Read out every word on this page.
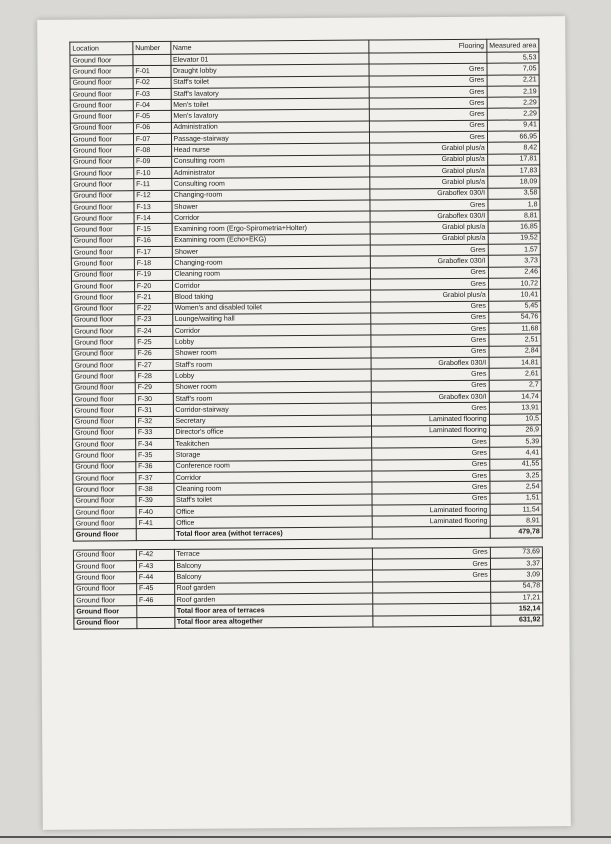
Location	Number	Name	Flooring	Measured area
Ground floor		Elevator 01		5,53
Ground floor	F-01	Draught lobby	Gres	7,05
Ground floor	F-02	Staff's toilet	Gres	2,21
Ground floor	F-03	Staff's lavatory	Gres	2,19
Ground floor	F-04	Men's toilet	Gres	2,29
Ground floor	F-05	Men's lavatory	Gres	2,29
Ground floor	F-06	Administration	Gres	9,41
Ground floor	F-07	Passage-stairway	Gres	66,95
Ground floor	F-08	Head nurse	Grabiol plus/a	8,42
Ground floor	F-09	Consulting room	Grabiol plus/a	17,81
Ground floor	F-10	Administrator	Grabiol plus/a	17,83
Ground floor	F-11	Consulting room	Grabiol plus/a	18,09
Ground floor	F-12	Changing-room	Graboflex 030/I	3,58
Ground floor	F-13	Shower	Gres	1,8
Ground floor	F-14	Corridor	Graboflex 030/I	8,81
Ground floor	F-15	Examining room (Ergo-Spirometria+Holter)	Grabiol plus/a	16,85
Ground floor	F-16	Examining room (Echo+EKG)	Grabiol plus/a	19,52
Ground floor	F-17	Shower	Gres	1,57
Ground floor	F-18	Changing-room	Graboflex 030/I	3,73
Ground floor	F-19	Cleaning room	Gres	2,46
Ground floor	F-20	Corridor	Gres	10,72
Ground floor	F-21	Blood taking	Grabiol plus/a	10,41
Ground floor	F-22	Women's and disabled toilet	Gres	5,45
Ground floor	F-23	Lounge/waiting hall	Gres	54,76
Ground floor	F-24	Corridor	Gres	11,68
Ground floor	F-25	Lobby	Gres	2,51
Ground floor	F-26	Shower room	Gres	2,84
Ground floor	F-27	Staff's room	Graboflex 030/I	14,81
Ground floor	F-28	Lobby	Gres	2,61
Ground floor	F-29	Shower room	Gres	2,7
Ground floor	F-30	Staff's room	Graboflex 030/I	14,74
Ground floor	F-31	Corridor-stairway	Gres	13,91
Ground floor	F-32	Secretary	Laminated flooring	10,5
Ground floor	F-33	Director's office	Laminated flooring	26,9
Ground floor	F-34	Teakitchen	Gres	5,39
Ground floor	F-35	Storage	Gres	4,41
Ground floor	F-36	Conference room	Gres	41,55
Ground floor	F-37	Corridor	Gres	3,25
Ground floor	F-38	Cleaning room	Gres	2,54
Ground floor	F-39	Staff's toilet	Gres	1,51
Ground floor	F-40	Office	Laminated flooring	11,54
Ground floor	F-41	Office	Laminated flooring	8,91
Ground floor		Total floor area (withot terraces)		479,78

Ground floor	F-42	Terrace	Gres	73,69
Ground floor	F-43	Balcony	Gres	3,37
Ground floor	F-44	Balcony	Gres	3,09
Ground floor	F-45	Roof garden		54,78
Ground floor	F-46	Roof garden		17,21
Ground floor		Total floor area of terraces		152,14
Ground floor		Total floor area altogether		631,92
